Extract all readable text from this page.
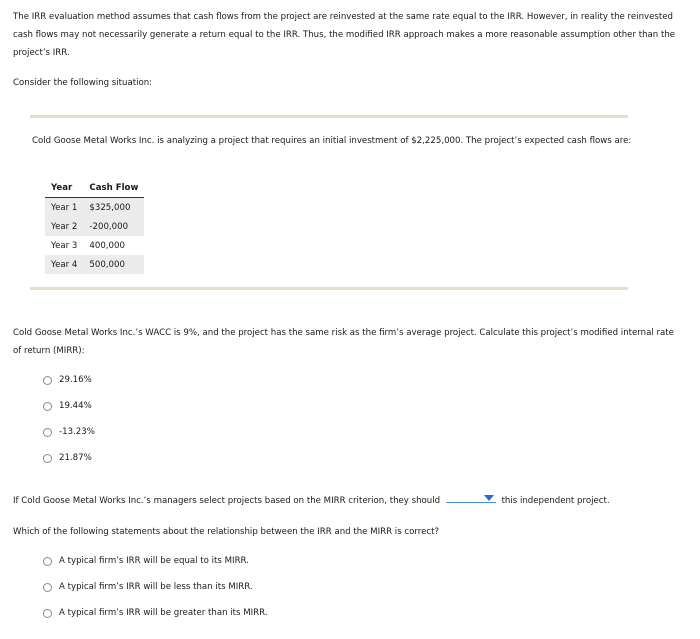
The IRR evaluation method assumes that cash flows from the project are reinvested at the same rate equal to the IRR. However, in reality the reinvested cash flows may not necessarily generate a return equal to the IRR. Thus, the modified IRR approach makes a more reasonable assumption other than the project’s IRR.
Consider the following situation:
Cold Goose Metal Works Inc. is analyzing a project that requires an initial investment of $2,225,000. The project’s expected cash flows are:
Year	Cash Flow
Year 1	$325,000
Year 2	-200,000
Year 3	400,000
Year 4	500,000
Cold Goose Metal Works Inc.’s WACC is 9%, and the project has the same risk as the firm’s average project. Calculate this project’s modified internal rate of return (MIRR):
29.16%
19.44%
-13.23%
21.87%
If Cold Goose Metal Works Inc.’s managers select projects based on the MIRR criterion, they should	this independent project.
Which of the following statements about the relationship between the IRR and the MIRR is correct?
A typical firm’s IRR will be equal to its MIRR.
A typical firm’s IRR will be less than its MIRR.
A typical firm’s IRR will be greater than its MIRR.
